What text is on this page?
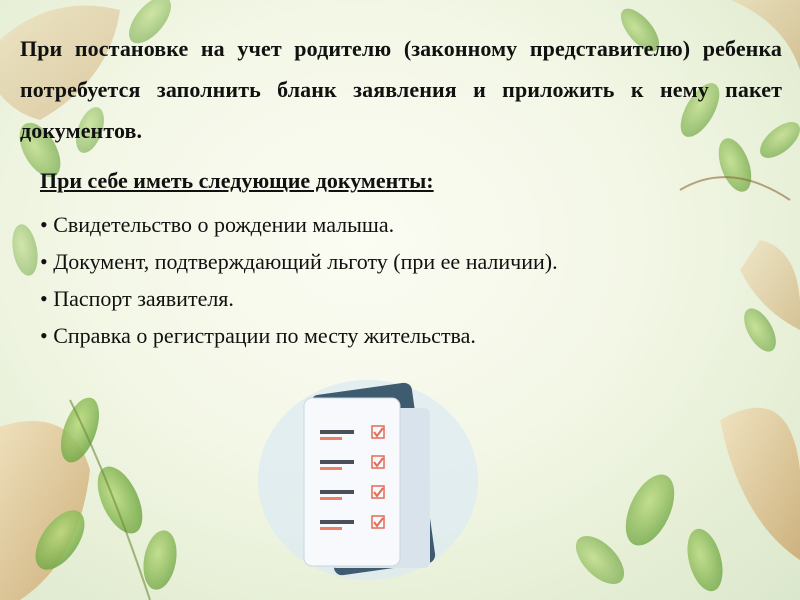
При постановке на учет родителю (законному представителю) ребенка потребуется заполнить бланк заявления и приложить к нему пакет документов.

При себе иметь следующие документы:
• Свидетельство о рождении малыша.
• Документ, подтверждающий льготу (при ее наличии).
• Паспорт заявителя.
• Справка о регистрации по месту жительства.
